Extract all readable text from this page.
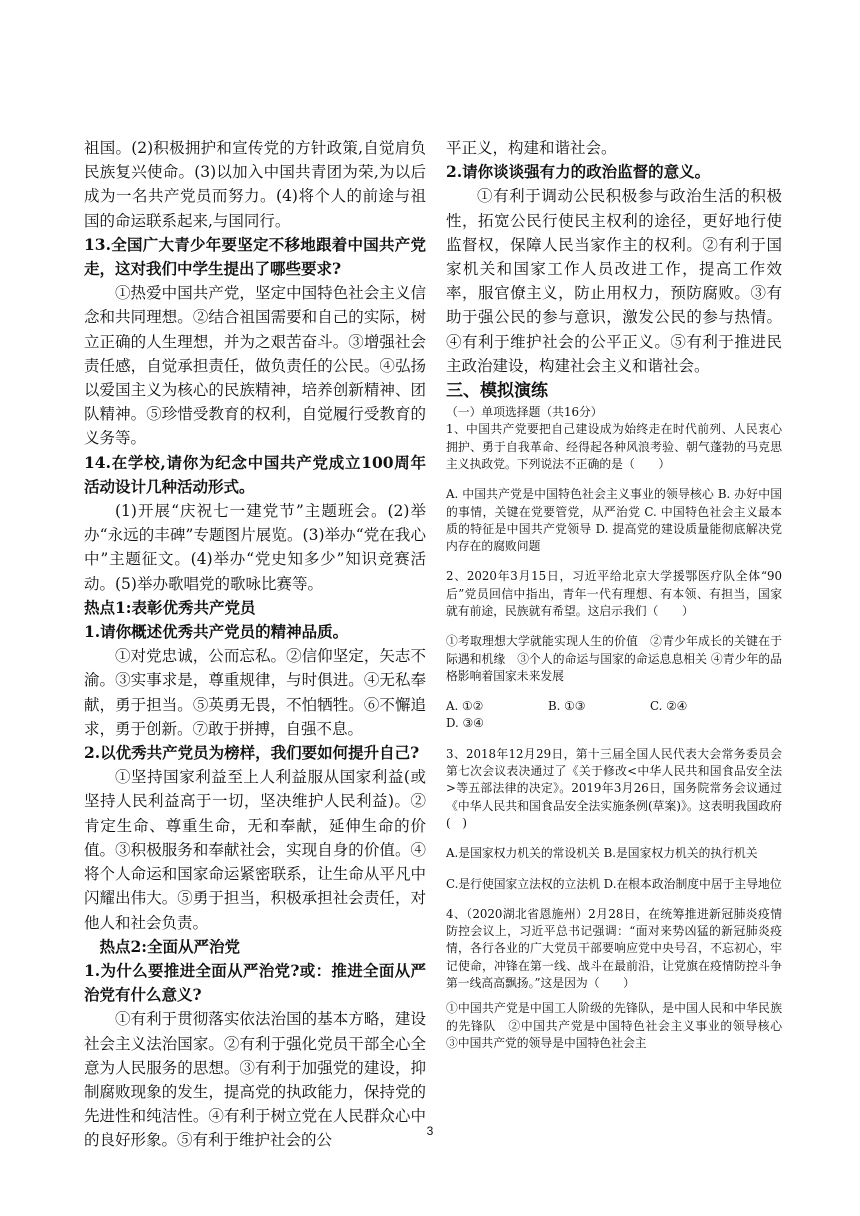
祖国。(2)积极拥护和宣传党的方针政策,自觉肩负民族复兴使命。(3)以加入中国共青团为荣,为以后成为一名共产党员而努力。(4)将个人的前途与祖国的命运联系起来,与国同行。

13.全国广大青少年要坚定不移地跟着中国共产党走，这对我们中学生提出了哪些要求?

①热爱中国共产党，坚定中国特色社会主义信念和共同理想。②结合祖国需要和自己的实际，树立正确的人生理想，并为之艰苦奋斗。③增强社会责任感，自觉承担责任，做负责任的公民。④弘扬以爱国主义为核心的民族精神，培养创新精神、团队精神。⑤珍惜受教育的权利，自觉履行受教育的义务等。

14.在学校,请你为纪念中国共产党成立100周年活动设计几种活动形式。

(1)开展“庆祝七一建党节”主题班会。(2)举办“永远的丰碑”专题图片展览。(3)举办“党在我心中”主题征文。(4)举办“党史知多少”知识竞赛活动。(5)举办歌唱党的歌咏比赛等。

热点1:表彰优秀共产党员

1.请你概述优秀共产党员的精神品质。

①对党忠诚，公而忘私。②信仰坚定，矢志不渝。③实事求是，尊重规律，与时俱进。④无私奉献，勇于担当。⑤英勇无畏，不怕牺牲。⑥不懈追求，勇于创新。⑦敢于拼搏，自强不息。

2.以优秀共产党员为榜样，我们要如何提升自己?

①坚持国家利益至上人利益服从国家利益(或坚持人民利益高于一切，坚决维护人民利益)。②肯定生命、尊重生命，无和奉献，延伸生命的价值。③积极服务和奉献社会，实现自身的价值。④将个人命运和国家命运紧密联系，让生命从平凡中闪耀出伟大。⑤勇于担当，积极承担社会责任，对他人和社会负责。

热点2:全面从严治党

1.为什么要推进全面从严治党?或：推进全面从严治党有什么意义?

①有利于贯彻落实依法治国的基本方略，建设社会主义法治国家。②有利于强化党员干部全心全意为人民服务的思想。③有利于加强党的建设，抑制腐败现象的发生，提高党的执政能力，保持党的先进性和纯洁性。④有利于树立党在人民群众心中的良好形象。⑤有利于维护社会的公

平正义，构建和谐社会。

2.请你谈谈强有力的政治监督的意义。

①有利于调动公民积极参与政治生活的积极性，拓宽公民行使民主权利的途径，更好地行使监督权，保障人民当家作主的权利。②有利于国家机关和国家工作人员改进工作，提高工作效率，服官僚主义，防止用权力，预防腐败。③有助于强公民的参与意识，激发公民的参与热情。④有利于维护社会的公平正义。⑤有利于推进民主政治建设，构建社会主义和谐社会。

三、模拟演练

（一）单项选择题（共16分）

1、中国共产党要把自己建设成为始终走在时代前列、人民衷心拥护、勇于自我革命、经得起各种风浪考验、朝气蓬勃的马克思主义执政党。下列说法不正确的是（　　）

A. 中国共产党是中国特色社会主义事业的领导核心 B. 办好中国的事情，关键在党要管党，从严治党 C. 中国特色社会主义最本质的特征是中国共产党领导 D. 提高党的建设质量能彻底解决党内存在的腐败问题

2、2020年3月15日，习近平给北京大学援鄂医疗队全体“90后”党员回信中指出，青年一代有理想、有本领、有担当，国家就有前途，民族就有希望。这启示我们（　　）

①考取理想大学就能实现人生的价值　②青少年成长的关键在于际遇和机缘　③个人的命运与国家的命运息息相关 ④青少年的品格影响着国家未来发展

A. ①②	B. ①③	C. ②④
D. ③④

3、2018年12月29日，第十三届全国人民代表大会常务委员会第七次会议表决通过了《关于修改<中华人民共和国食品安全法>等五部法律的决定》。2019年3月26日，国务院常务会议通过《中华人民共和国食品安全法实施条例(草案)》。这表明我国政府(　)

A.是国家权力机关的常设机关 B.是国家权力机关的执行机关

C.是行使国家立法权的立法机 D.在根本政治制度中居于主导地位

4、（2020湖北省恩施州）2月28日，在统筹推进新冠肺炎疫情防控会议上，习近平总书记强调：“面对来势凶猛的新冠肺炎疫情，各行各业的广大党员干部要响应党中央号召，不忘初心，牢记使命，冲锋在第一线、战斗在最前沿，让党旗在疫情防控斗争第一线高高飘扬。”这是因为（　　）

①中国共产党是中国工人阶级的先锋队，是中国人民和中华民族的先锋队　②中国共产党是中国特色社会主义事业的领导核心　③中国共产党的领导是中国特色社会主

3
